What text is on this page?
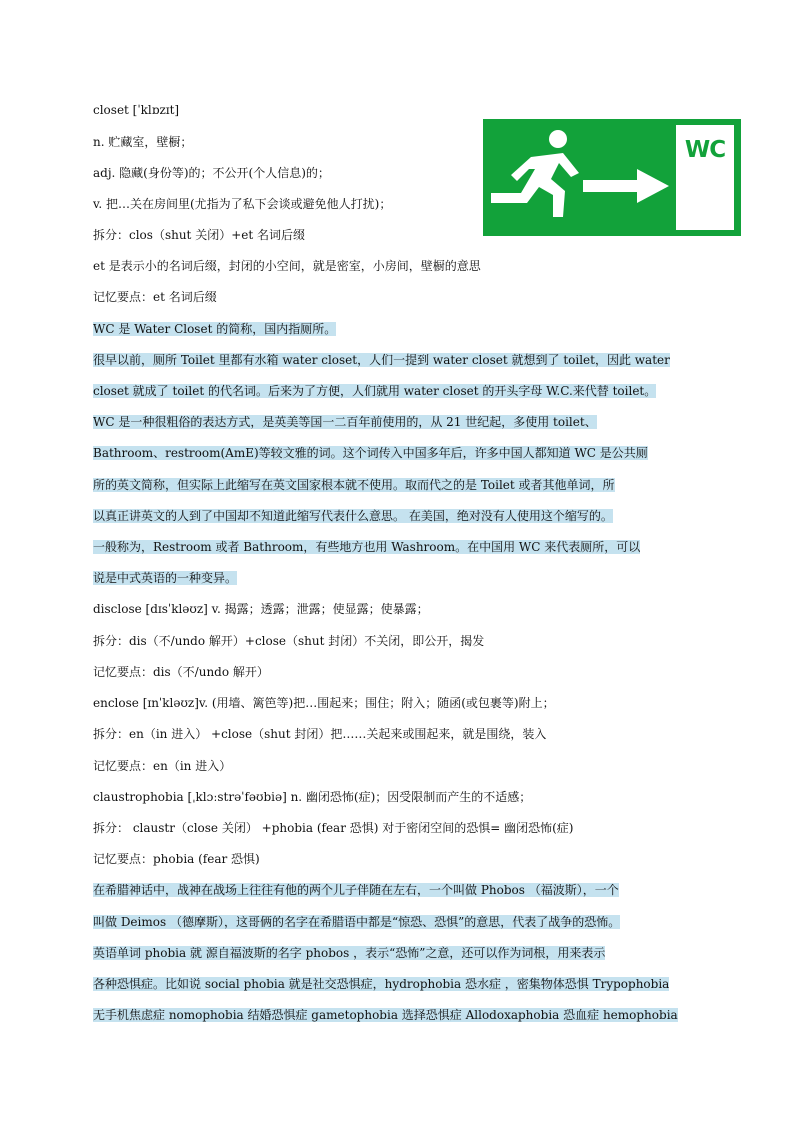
WC
closet [ˈklɒzɪt]
n. 贮藏室，壁橱；
adj. 隐藏(身份等)的；不公开(个人信息)的；
v. 把…关在房间里(尤指为了私下会谈或避免他人打扰)；
拆分：clos（shut 关闭）+et 名词后缀
et 是表示小的名词后缀，封闭的小空间，就是密室，小房间，壁橱的意思
记忆要点：et 名词后缀
WC 是 Water Closet 的简称，国内指厕所。
很早以前，厕所 Toilet 里都有水箱 water closet，人们一提到 water closet 就想到了 toilet，因此 water
closet 就成了 toilet 的代名词。后来为了方便，人们就用 water closet 的开头字母 W.C.来代替 toilet。
WC 是一种很粗俗的表达方式，是英美等国一二百年前使用的，从 21 世纪起，多使用 toilet、
Bathroom、restroom(AmE)等较文雅的词。这个词传入中国多年后，许多中国人都知道 WC 是公共厕
所的英文简称，但实际上此缩写在英文国家根本就不使用。取而代之的是 Toilet 或者其他单词，所
以真正讲英文的人到了中国却不知道此缩写代表什么意思。 在美国，绝对没有人使用这个缩写的。
一般称为，Restroom 或者 Bathroom，有些地方也用 Washroom。在中国用 WC 来代表厕所，可以
说是中式英语的一种变异。
disclose [dɪsˈkləʊz] v. 揭露；透露；泄露；使显露；使暴露；
拆分：dis（不/undo 解开）+close（shut 封闭）不关闭，即公开，揭发
记忆要点：dis（不/undo 解开）
enclose [ɪnˈkləʊz]v. (用墙、篱笆等)把…围起来；围住；附入；随函(或包裹等)附上；
拆分：en（in 进入） +close（shut 封闭）把……关起来或围起来，就是围绕，装入
记忆要点：en（in 进入）
claustrophobia [ˌklɔːstrəˈfəʊbiə] n. 幽闭恐怖(症)；因受限制而产生的不适感；
拆分： claustr（close 关闭） +phobia (fear 恐惧) 对于密闭空间的恐惧= 幽闭恐怖(症)
记忆要点：phobia (fear 恐惧)
在希腊神话中，战神在战场上往往有他的两个儿子伴随在左右，一个叫做 Phobos （福波斯），一个
叫做 Deimos （德摩斯），这哥俩的名字在希腊语中都是“惊恐、恐惧”的意思，代表了战争的恐怖。
英语单词 phobia 就 源自福波斯的名字 phobos ，表示“恐怖”之意，还可以作为词根，用来表示
各种恐惧症。比如说 social phobia 就是社交恐惧症，hydrophobia 恐水症 ，密集物体恐惧 Trypophobia
无手机焦虑症 nomophobia 结婚恐惧症 gametophobia 选择恐惧症 Allodoxaphobia 恐血症 hemophobia
